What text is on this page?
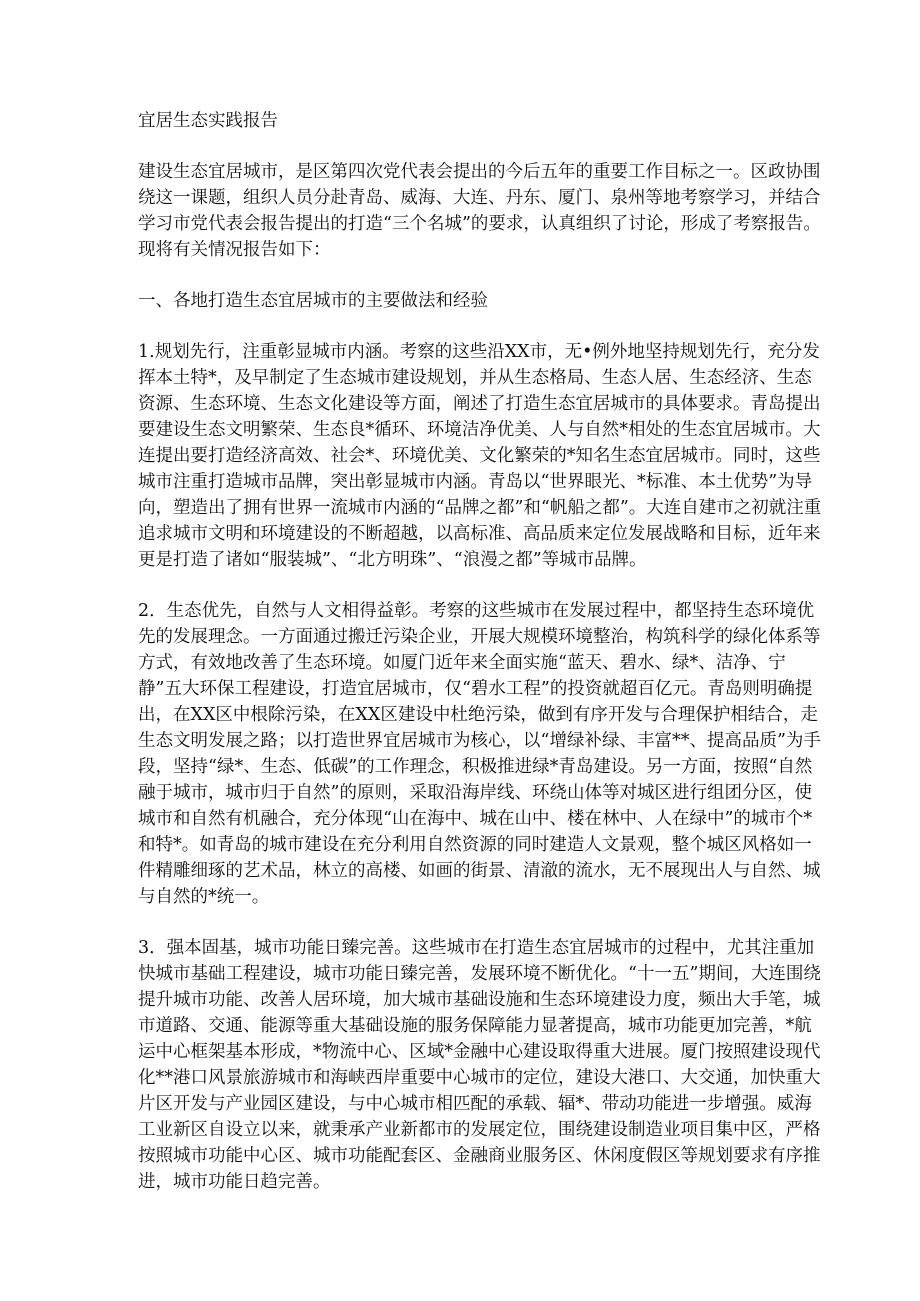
宜居生态实践报告

建设生态宜居城市，是区第四次党代表会提出的今后五年的重要工作目标之一。区政协围绕这一课题，组织人员分赴青岛、威海、大连、丹东、厦门、泉州等地考察学习，并结合学习市党代表会报告提出的打造“三个名城”的要求，认真组织了讨论，形成了考察报告。现将有关情况报告如下：

一、各地打造生态宜居城市的主要做法和经验

1.规划先行，注重彰显城市内涵。考察的这些沿XX市，无•例外地坚持规划先行，充分发挥本土特*，及早制定了生态城市建设规划，并从生态格局、生态人居、生态经济、生态资源、生态环境、生态文化建设等方面，阐述了打造生态宜居城市的具体要求。青岛提出要建设生态文明繁荣、生态良*循环、环境洁净优美、人与自然*相处的生态宜居城市。大连提出要打造经济高效、社会*、环境优美、文化繁荣的*知名生态宜居城市。同时，这些城市注重打造城市品牌，突出彰显城市内涵。青岛以“世界眼光、*标准、本土优势”为导向，塑造出了拥有世界一流城市内涵的“品牌之都”和“帆船之都”。大连自建市之初就注重追求城市文明和环境建设的不断超越，以高标准、高品质来定位发展战略和目标，近年来更是打造了诸如“服装城”、“北方明珠”、“浪漫之都”等城市品牌。

2．生态优先，自然与人文相得益彰。考察的这些城市在发展过程中，都坚持生态环境优先的发展理念。一方面通过搬迁污染企业，开展大规模环境整治，构筑科学的绿化体系等方式，有效地改善了生态环境。如厦门近年来全面实施“蓝天、碧水、绿*、洁净、宁静”五大环保工程建设，打造宜居城市，仅“碧水工程”的投资就超百亿元。青岛则明确提出，在XX区中根除污染，在XX区建设中杜绝污染，做到有序开发与合理保护相结合，走生态文明发展之路；以打造世界宜居城市为核心，以“增绿补绿、丰富**、提高品质”为手段，坚持“绿*、生态、低碳”的工作理念，积极推进绿*青岛建设。另一方面，按照“自然融于城市，城市归于自然”的原则，采取沿海岸线、环绕山体等对城区进行组团分区，使城市和自然有机融合，充分体现“山在海中、城在山中、楼在林中、人在绿中”的城市个*和特*。如青岛的城市建设在充分利用自然资源的同时建造人文景观，整个城区风格如一件精雕细琢的艺术品，林立的高楼、如画的街景、清澈的流水，无不展现出人与自然、城与自然的*统一。

3．强本固基，城市功能日臻完善。这些城市在打造生态宜居城市的过程中，尤其注重加快城市基础工程建设，城市功能日臻完善，发展环境不断优化。“十一五”期间，大连围绕提升城市功能、改善人居环境，加大城市基础设施和生态环境建设力度，频出大手笔，城市道路、交通、能源等重大基础设施的服务保障能力显著提高，城市功能更加完善，*航运中心框架基本形成，*物流中心、区域*金融中心建设取得重大进展。厦门按照建设现代化**港口风景旅游城市和海峡西岸重要中心城市的定位，建设大港口、大交通，加快重大片区开发与产业园区建设，与中心城市相匹配的承载、辐*、带动功能进一步增强。威海工业新区自设立以来，就秉承产业新都市的发展定位，围绕建设制造业项目集中区，严格按照城市功能中心区、城市功能配套区、金融商业服务区、休闲度假区等规划要求有序推进，城市功能日趋完善。
